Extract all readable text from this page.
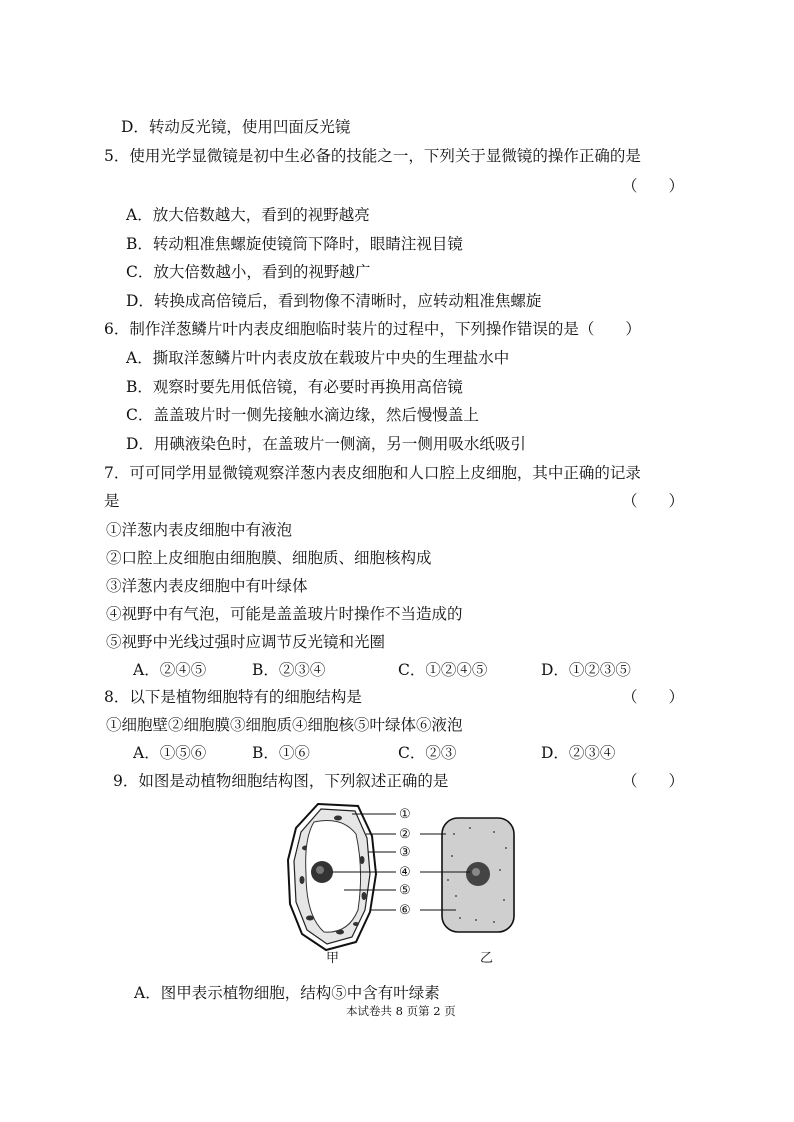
D．转动反光镜，使用凹面反光镜
5．使用光学显微镜是初中生必备的技能之一，下列关于显微镜的操作正确的是
（　　）
A．放大倍数越大，看到的视野越亮
B．转动粗准焦螺旋使镜筒下降时，眼睛注视目镜
C．放大倍数越小，看到的视野越广
D．转换成高倍镜后，看到物像不清晰时，应转动粗准焦螺旋
6．制作洋葱鳞片叶内表皮细胞临时装片的过程中，下列操作错误的是（　　）
A．撕取洋葱鳞片叶内表皮放在载玻片中央的生理盐水中
B．观察时要先用低倍镜，有必要时再换用高倍镜
C．盖盖玻片时一侧先接触水滴边缘，然后慢慢盖上
D．用碘液染色时，在盖玻片一侧滴，另一侧用吸水纸吸引
7．可可同学用显微镜观察洋葱内表皮细胞和人口腔上皮细胞，其中正确的记录
是	（　　）
①洋葱内表皮细胞中有液泡
②口腔上皮细胞由细胞膜、细胞质、细胞核构成
③洋葱内表皮细胞中有叶绿体
④视野中有气泡，可能是盖盖玻片时操作不当造成的
⑤视野中光线过强时应调节反光镜和光圈
A．②④⑤	B．②③④	C．①②④⑤	D．①②③⑤
8．以下是植物细胞特有的细胞结构是	（　　）
①细胞壁②细胞膜③细胞质④细胞核⑤叶绿体⑥液泡
A．①⑤⑥	B．①⑥	C．②③	D．②③④
9．如图是动植物细胞结构图，下列叙述正确的是	（　　）
甲	乙
①
②
③
④
⑤
⑥
A．图甲表示植物细胞，结构⑤中含有叶绿素
本试卷共 8 页第 2 页
